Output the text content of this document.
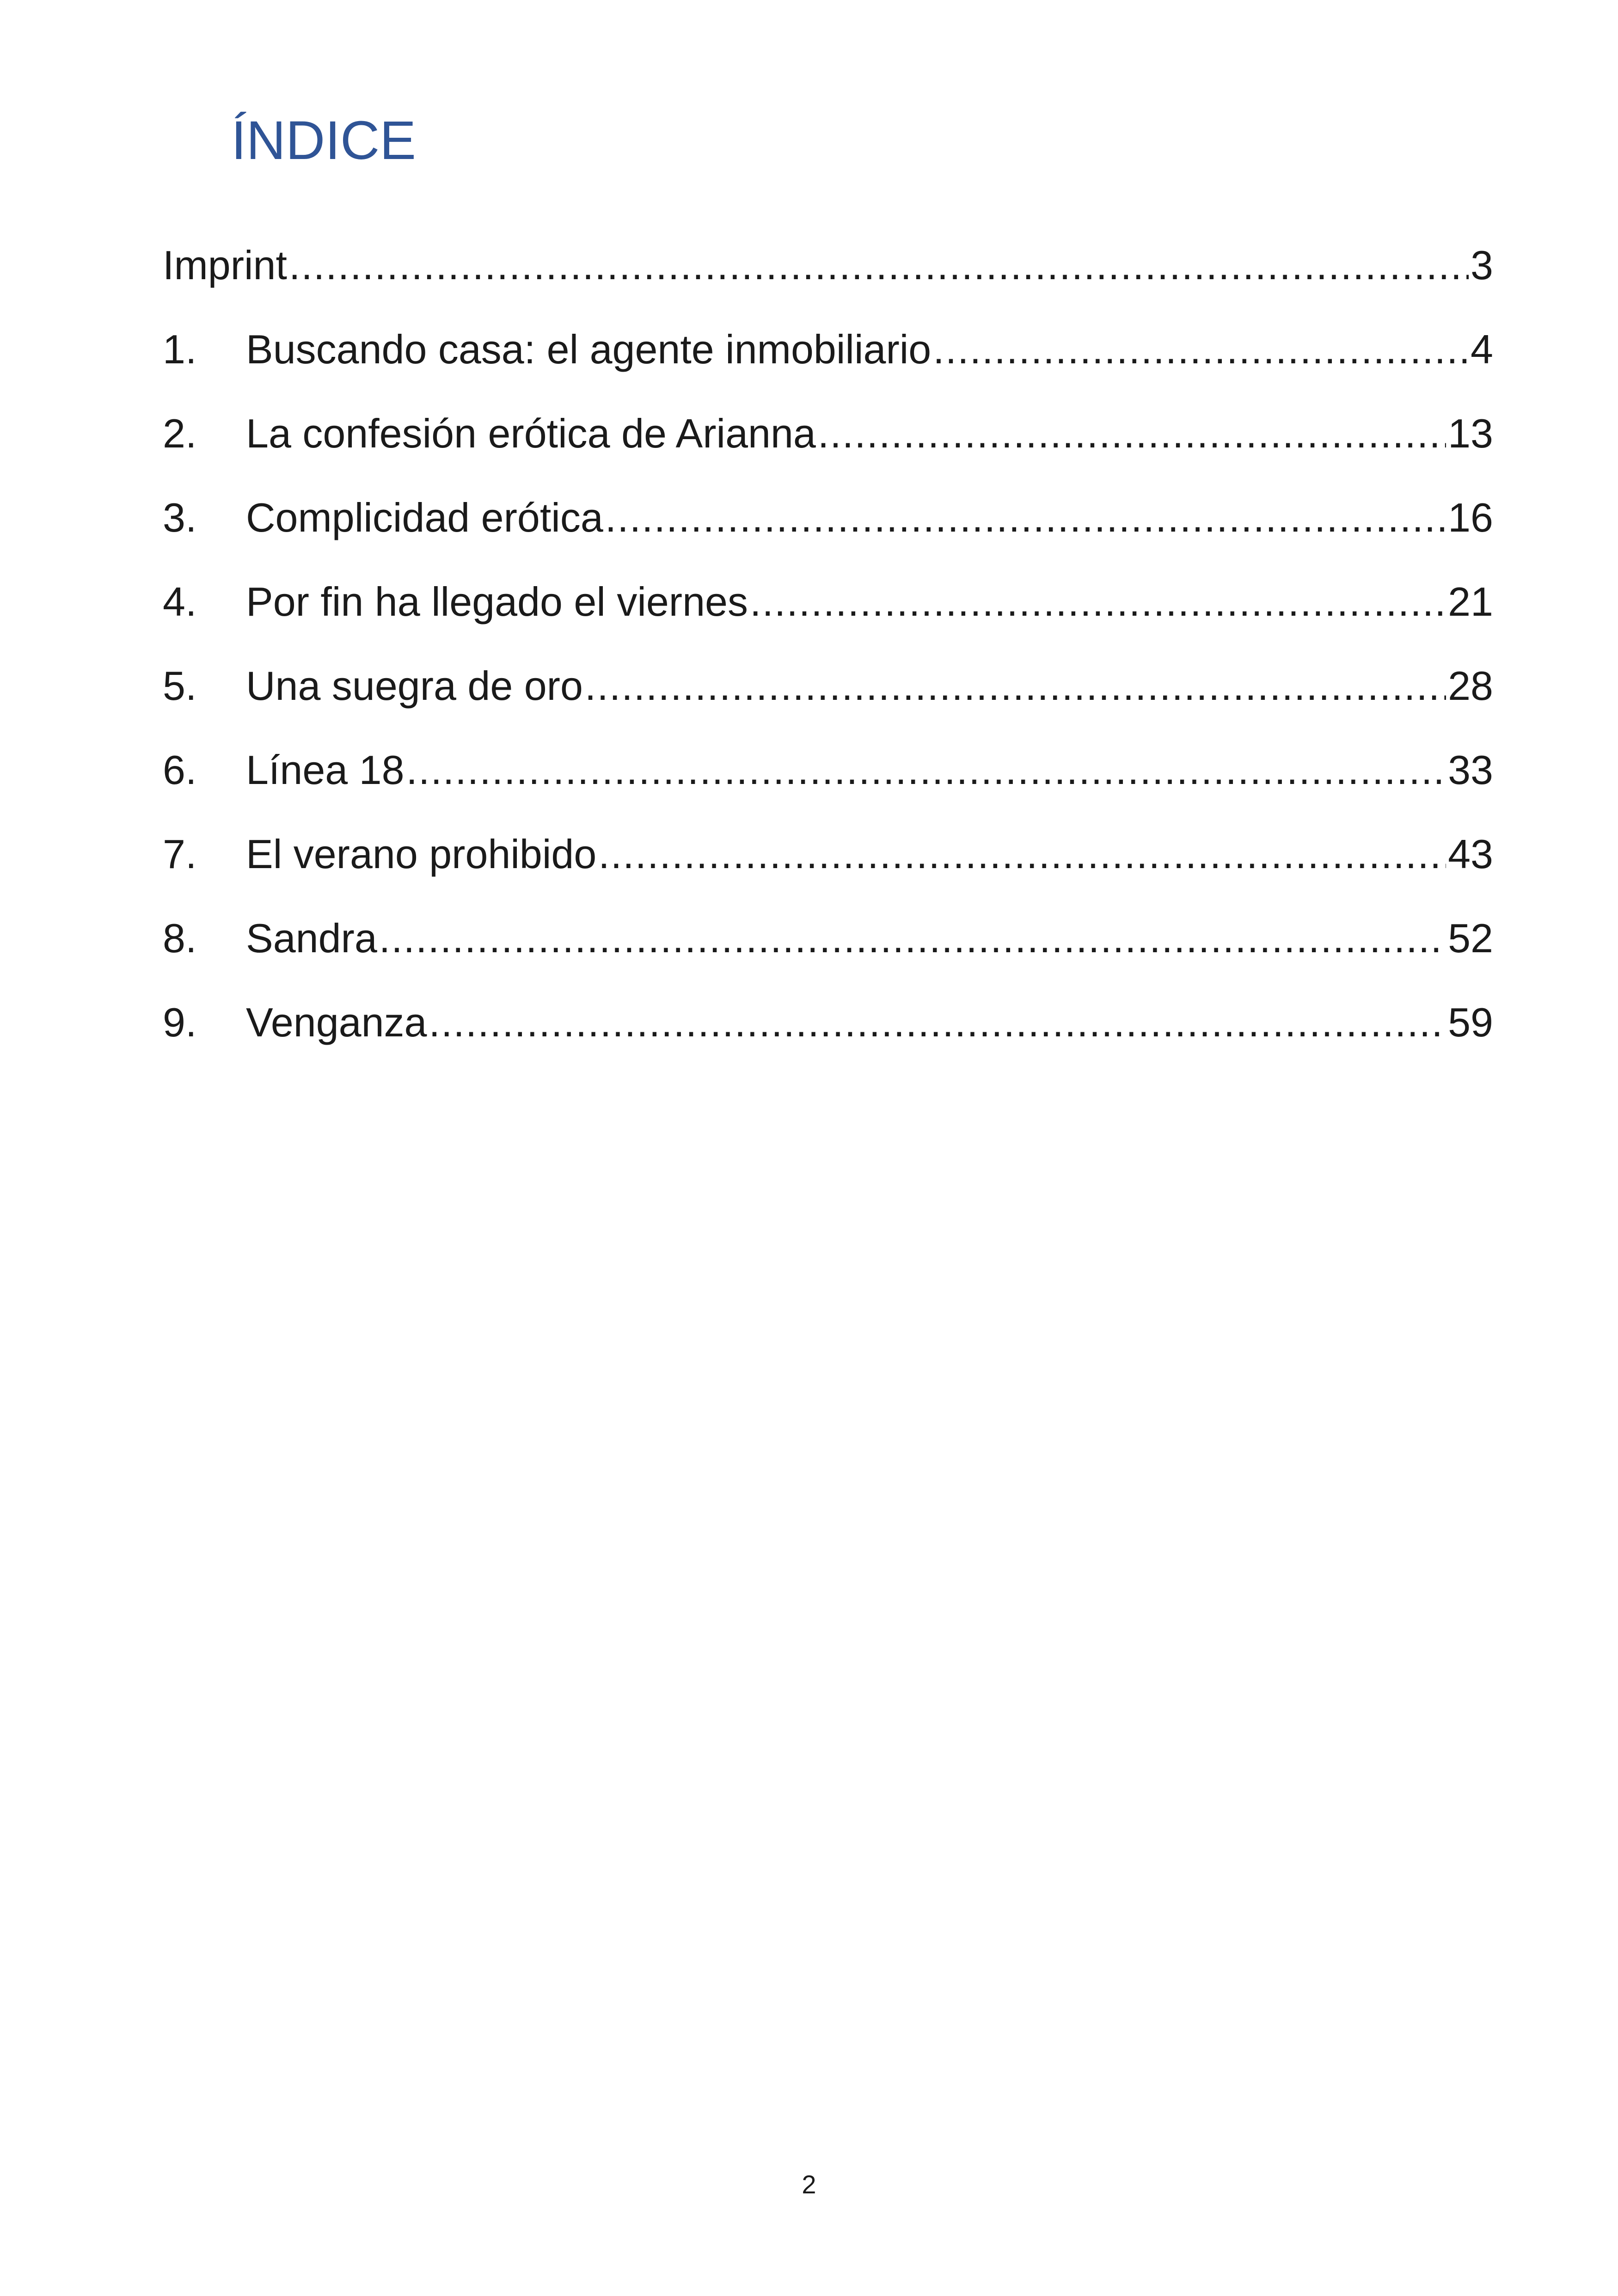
ÍNDICE
Imprint .....	3
1.	Buscando casa: el agente inmobiliario .....	4
2.	La confesión erótica de Arianna .....	13
3.	Complicidad erótica .....	16
4.	Por fin ha llegado el viernes .....	21
5.	Una suegra de oro .....	28
6.	Línea 18 .....	33
7.	El verano prohibido .....	43
8.	Sandra .....	52
9.	Venganza .....	59
2
